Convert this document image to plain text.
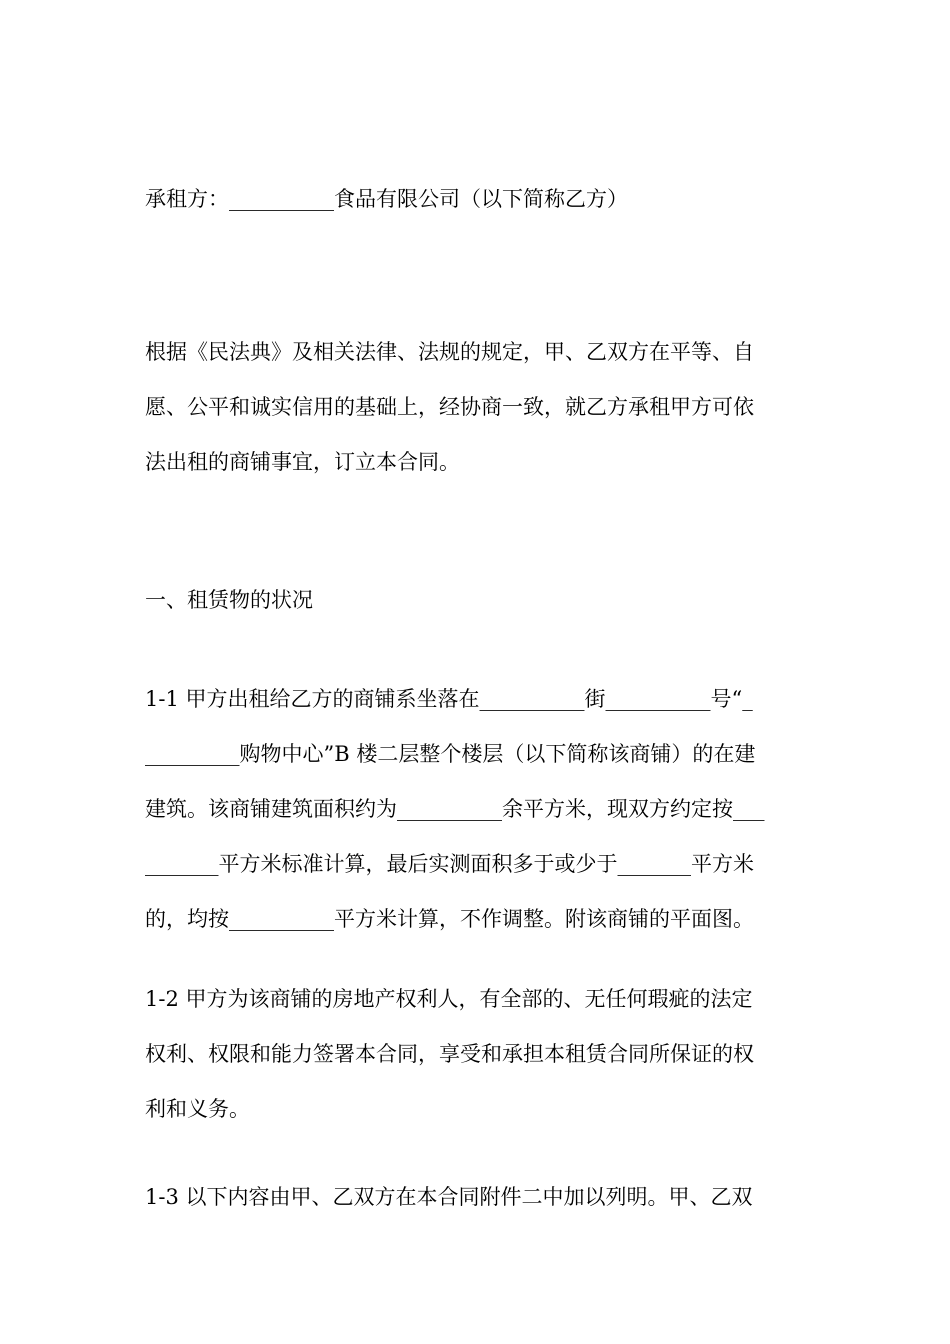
承租方：__________食品有限公司（以下简称乙方）

根据《民法典》及相关法律、法规的规定，甲、乙双方在平等、自
愿、公平和诚实信用的基础上，经协商一致，就乙方承租甲方可依
法出租的商铺事宜，订立本合同。

一、租赁物的状况

1-1 甲方出租给乙方的商铺系坐落在__________街__________号“_
_________购物中心”B 楼二层整个楼层（以下简称该商铺）的在建
建筑。该商铺建筑面积约为__________余平方米，现双方约定按___
_______平方米标准计算，最后实测面积多于或少于_______平方米
的，均按__________平方米计算，不作调整。附该商铺的平面图。

1-2 甲方为该商铺的房地产权利人，有全部的、无任何瑕疵的法定
权利、权限和能力签署本合同，享受和承担本租赁合同所保证的权
利和义务。

1-3 以下内容由甲、乙双方在本合同附件二中加以列明。甲、乙双
